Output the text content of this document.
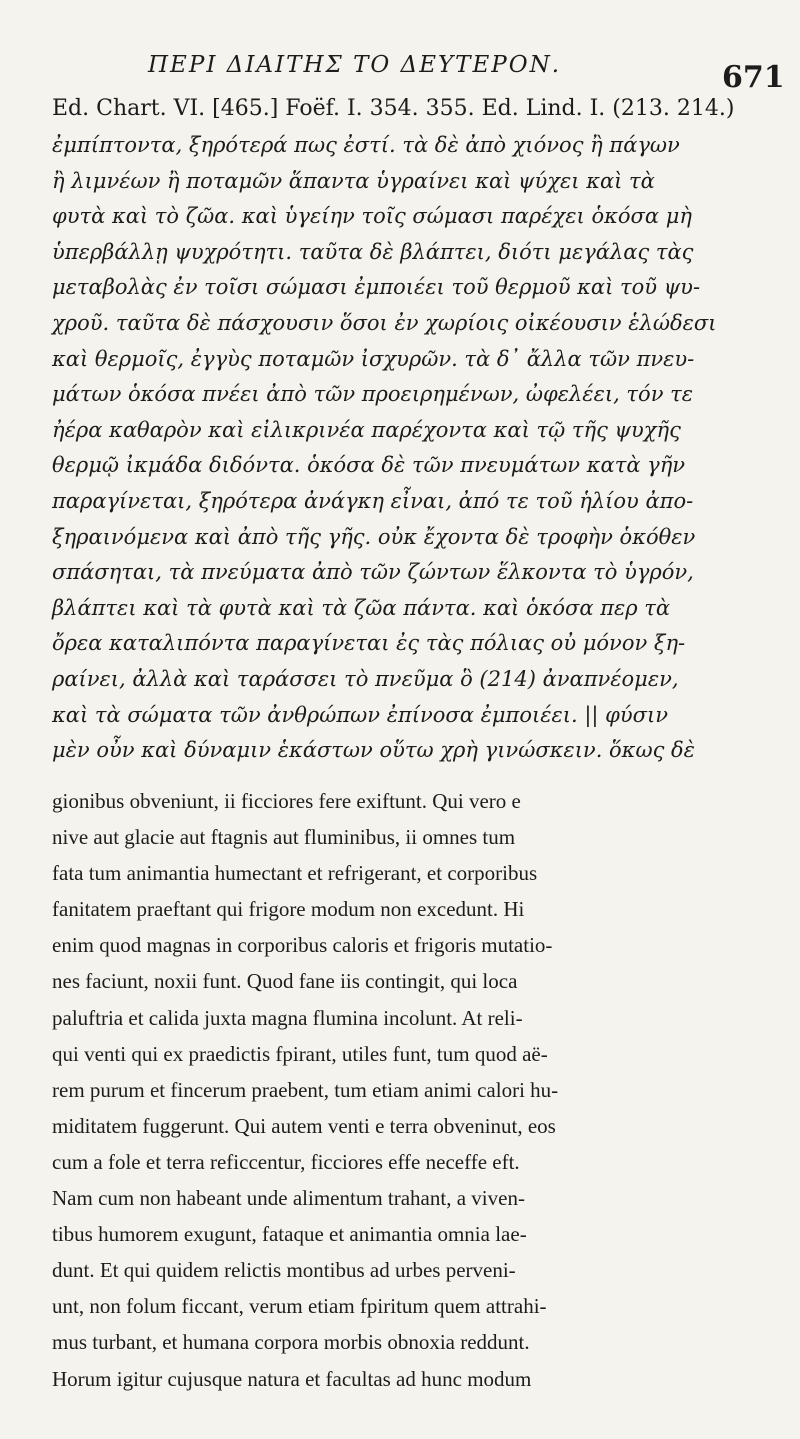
ΠΕΡΙ ΔΙΑΙΤΗΣ ΤΟ ΔΕΥΤΕΡΟΝ.	671
Ed. Chart. VI. [465.] Foëf. I. 354. 355. Ed. Lind. I. (213. 214.)
ἐμπίπτοντα, ξηρότερά πως ἐστί. τὰ δὲ ἀπὸ χιόνος ἢ πάγων
ἢ λιμνέων ἢ ποταμῶν ἅπαντα ὑγραίνει καὶ ψύχει καὶ τὰ
φυτὰ καὶ τὸ ζῶα. καὶ ὑγείην τοῖς σώμασι παρέχει ὁκόσα μὴ
ὑπερβάλλῃ ψυχρότητι. ταῦτα δὲ βλάπτει, διότι μεγάλας τὰς
μεταβολὰς ἐν τοῖσι σώμασι ἐμποιέει τοῦ θερμοῦ καὶ τοῦ ψυ-
χροῦ. ταῦτα δὲ πάσχουσιν ὅσοι ἐν χωρίοις οἰκέουσιν ἑλώδεσι
καὶ θερμοῖς, ἐγγὺς ποταμῶν ἰσχυρῶν. τὰ δ᾽ ἄλλα τῶν πνευ-
μάτων ὁκόσα πνέει ἀπὸ τῶν προειρημένων, ὠφελέει, τόν τε
ἠέρα καθαρὸν καὶ εἰλικρινέα παρέχοντα καὶ τῷ τῆς ψυχῆς
θερμῷ ἰκμάδα διδόντα. ὁκόσα δὲ τῶν πνευμάτων κατὰ γῆν
παραγίνεται, ξηρότερα ἀνάγκη εἶναι, ἀπό τε τοῦ ἡλίου ἀπο-
ξηραινόμενα καὶ ἀπὸ τῆς γῆς. οὐκ ἔχοντα δὲ τροφὴν ὁκόθεν
σπάσηται, τὰ πνεύματα ἀπὸ τῶν ζώντων ἕλκοντα τὸ ὑγρόν,
βλάπτει καὶ τὰ φυτὰ καὶ τὰ ζῶα πάντα. καὶ ὁκόσα περ τὰ
ὄρεα καταλιπόντα παραγίνεται ἐς τὰς πόλιας οὐ μόνον ξη-
ραίνει, ἀλλὰ καὶ ταράσσει τὸ πνεῦμα ὃ (214) ἀναπνέομεν,
καὶ τὰ σώματα τῶν ἀνθρώπων ἐπίνοσα ἐμποιέει. || φύσιν
μὲν οὖν καὶ δύναμιν ἑκάστων οὕτω χρὴ γινώσκειν. ὅκως δὲ
gionibus obveniunt, ii ficciores fere exiftunt. Qui vero e
nive aut glacie aut ftagnis aut fluminibus, ii omnes tum
fata tum animantia humectant et refrigerant, et corporibus
fanitatem praeftant qui frigore modum non excedunt. Hi
enim quod magnas in corporibus caloris et frigoris mutatio-
nes faciunt, noxii funt. Quod fane iis contingit, qui loca
paluftria et calida juxta magna flumina incolunt. At reli-
qui venti qui ex praedictis fpirant, utiles funt, tum quod aë-
rem purum et fincerum praebent, tum etiam animi calori hu-
miditatem fuggerunt. Qui autem venti e terra obveninut, eos
cum a fole et terra reficcentur, ficciores effe neceffe eft.
Nam cum non habeant unde alimentum trahant, a viven-
tibus humorem exugunt, fataque et animantia omnia lae-
dunt. Et qui quidem relictis montibus ad urbes perveni-
unt, non folum ficcant, verum etiam fpiritum quem attrahi-
mus turbant, et humana corpora morbis obnoxia reddunt.
Horum igitur cujusque natura et facultas ad hunc modum
